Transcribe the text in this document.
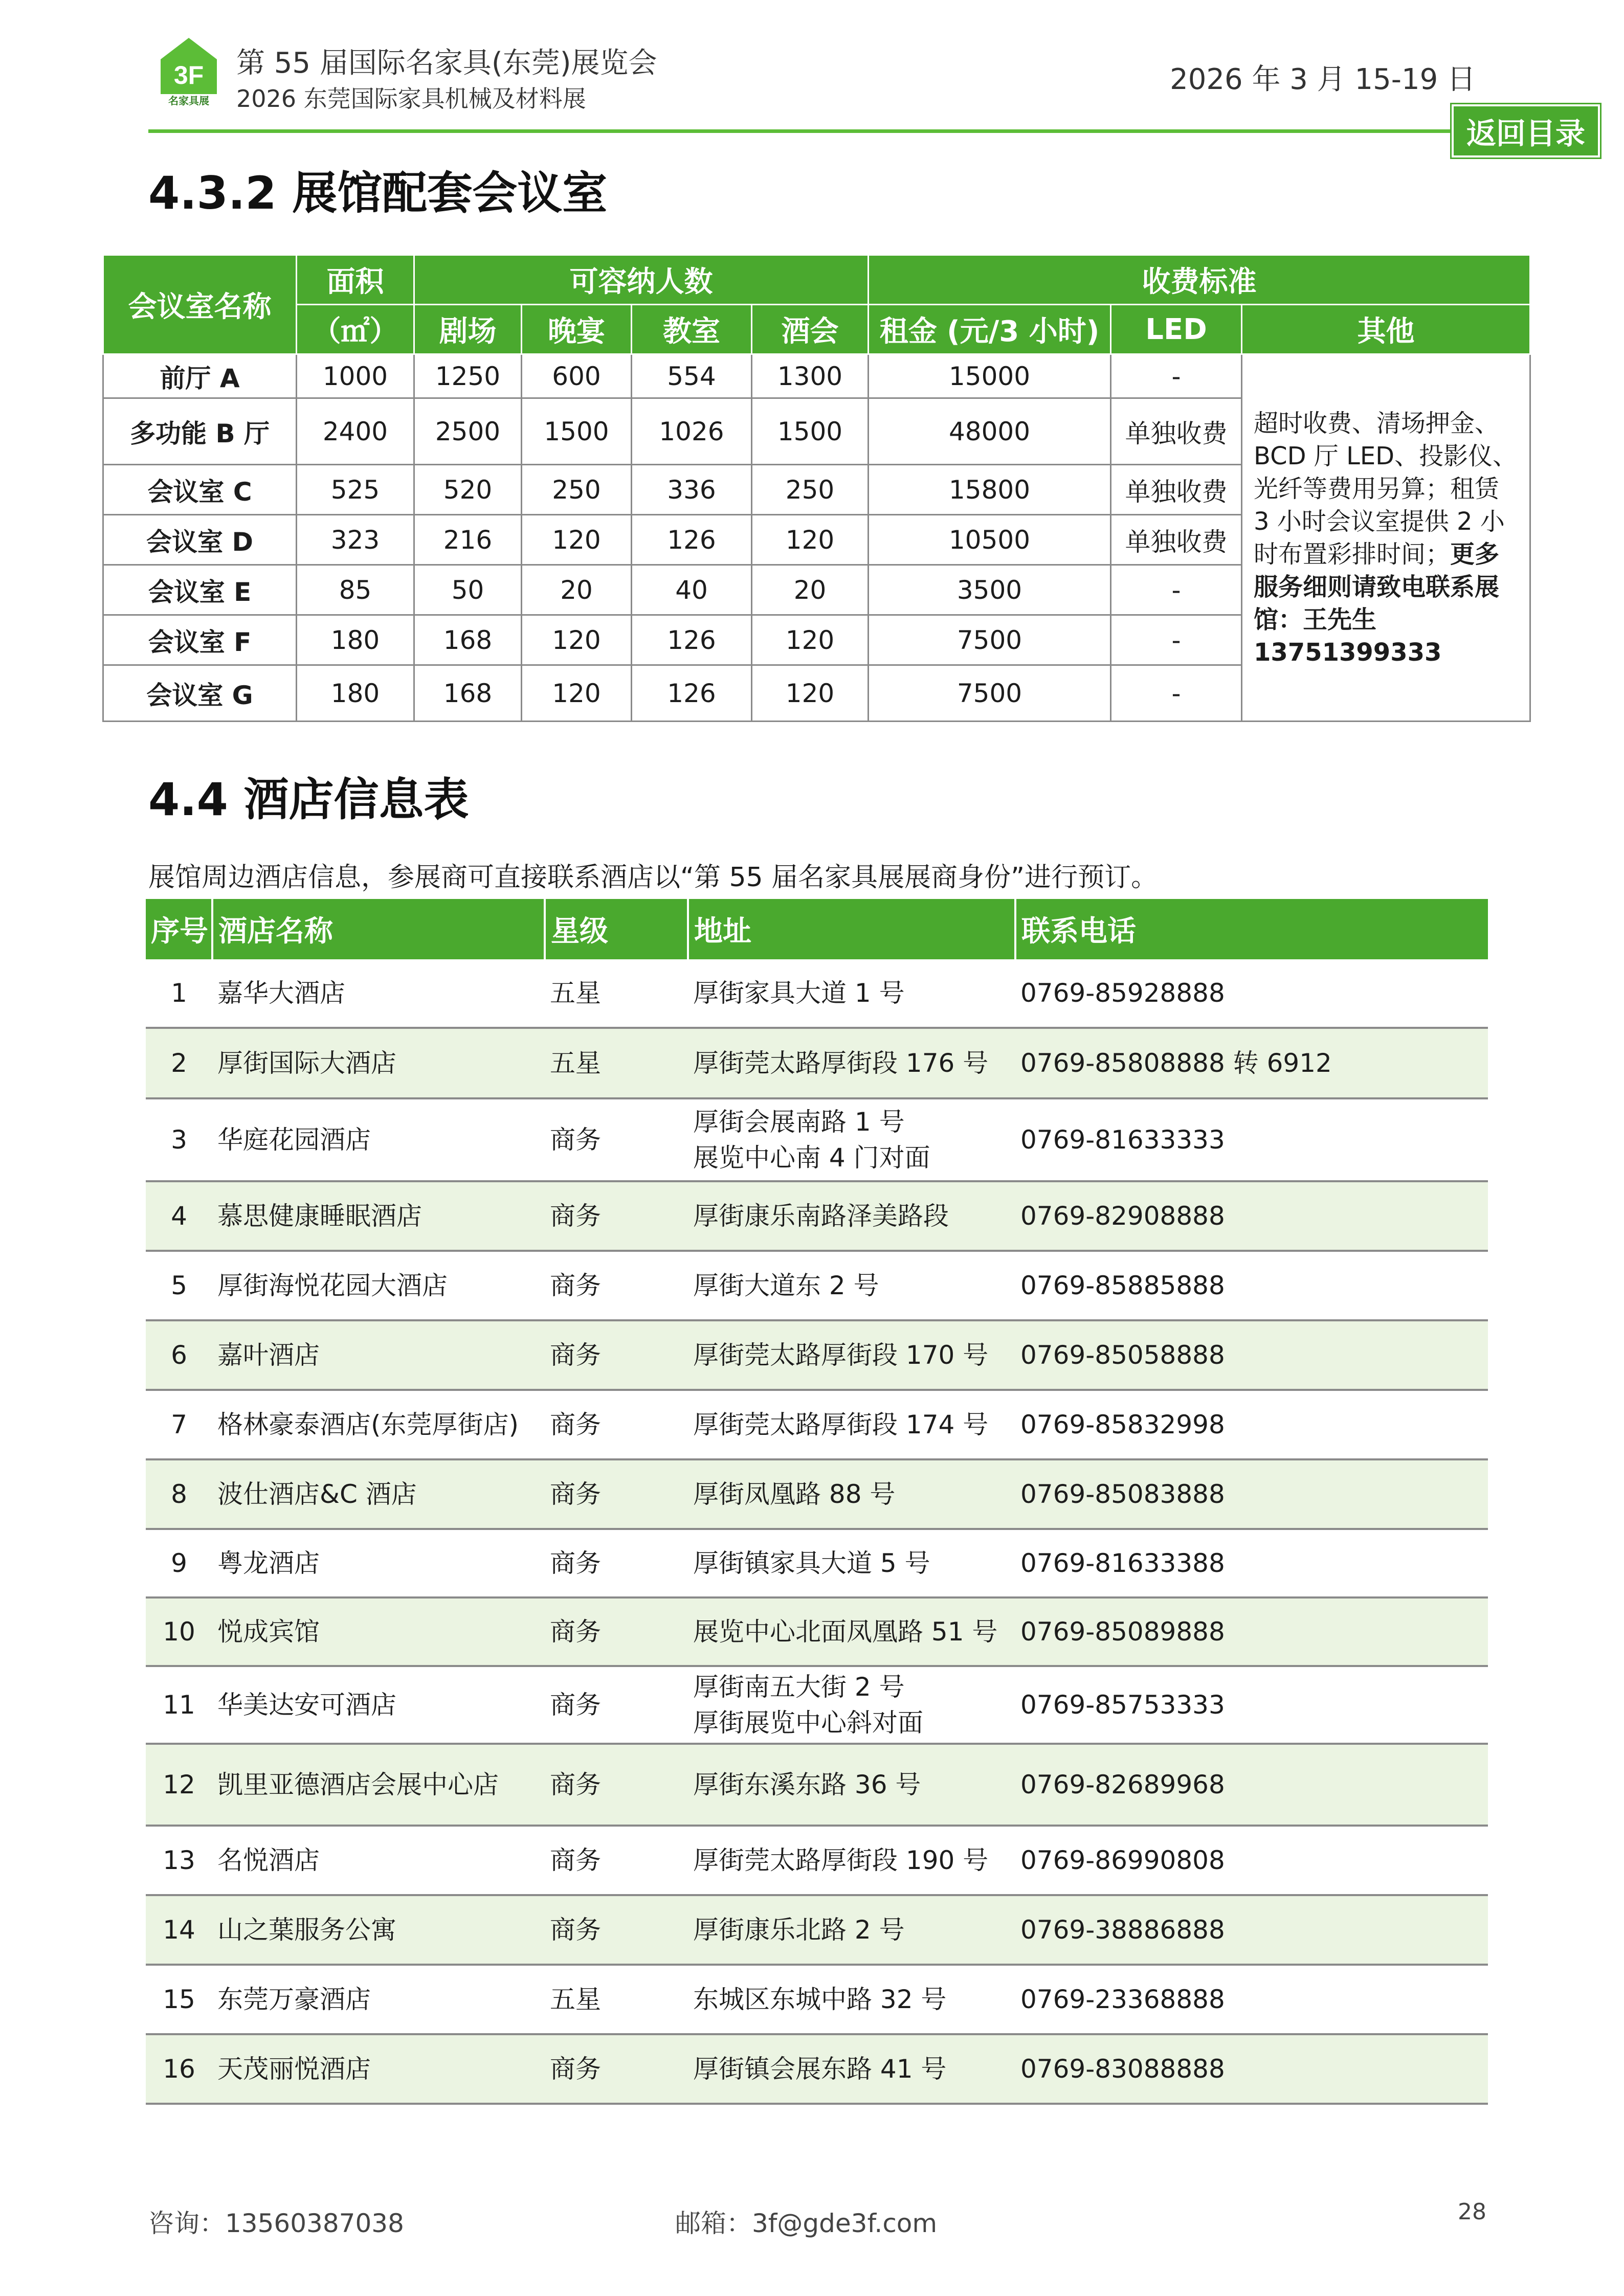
3F
名家具展
第 55 届国际名家具(东莞)展览会
2026 东莞国际家具机械及材料展
2026 年 3 月 15-19 日
返回目录
4.3.2 展馆配套会议室
会议室名称	面积	可容纳人数				收费标准		
	（㎡）	剧场	晚宴	教室	酒会	租金 (元/3 小时)	LED	其他
前厅 A	1000	1250	600	554	1300	15000	-	超时收费、清场押金、BCD 厅 LED、投影仪、光纤等费用另算；租赁 3 小时会议室提供 2 小时布置彩排时间；更多服务细则请致电联系展馆：王先生 13751399333
多功能 B 厅	2400	2500	1500	1026	1500	48000	单独收费	
会议室 C	525	520	250	336	250	15800	单独收费	
会议室 D	323	216	120	126	120	10500	单独收费	
会议室 E	85	50	20	40	20	3500	-	
会议室 F	180	168	120	126	120	7500	-	
会议室 G	180	168	120	126	120	7500	-	
4.4 酒店信息表
展馆周边酒店信息，参展商可直接联系酒店以“第 55 届名家具展展商身份”进行预订。
序号	酒店名称	星级	地址	联系电话
1	嘉华大酒店	五星	厚街家具大道 1 号	0769-85928888
2	厚街国际大酒店	五星	厚街莞太路厚街段 176 号	0769-85808888 转 6912
3	华庭花园酒店	商务	厚街会展南路 1 号
展览中心南 4 门对面	0769-81633333
4	慕思健康睡眠酒店	商务	厚街康乐南路泽美路段	0769-82908888
5	厚街海悦花园大酒店	商务	厚街大道东 2 号	0769-85885888
6	嘉叶酒店	商务	厚街莞太路厚街段 170 号	0769-85058888
7	格林豪泰酒店(东莞厚街店)	商务	厚街莞太路厚街段 174 号	0769-85832998
8	波仕酒店&C 酒店	商务	厚街凤凰路 88 号	0769-85083888
9	粤龙酒店	商务	厚街镇家具大道 5 号	0769-81633388
10	悦成宾馆	商务	展览中心北面凤凰路 51 号	0769-85089888
11	华美达安可酒店	商务	厚街南五大街 2 号
厚街展览中心斜对面	0769-85753333
12	凯里亚德酒店会展中心店	商务	厚街东溪东路 36 号	0769-82689968
13	名悦酒店	商务	厚街莞太路厚街段 190 号	0769-86990808
14	山之葉服务公寓	商务	厚街康乐北路 2 号	0769-38886888
15	东莞万豪酒店	五星	东城区东城中路 32 号	0769-23368888
16	天茂丽悦酒店	商务	厚街镇会展东路 41 号	0769-83088888
咨询：13560387038	邮箱：3f@gde3f.com	28
